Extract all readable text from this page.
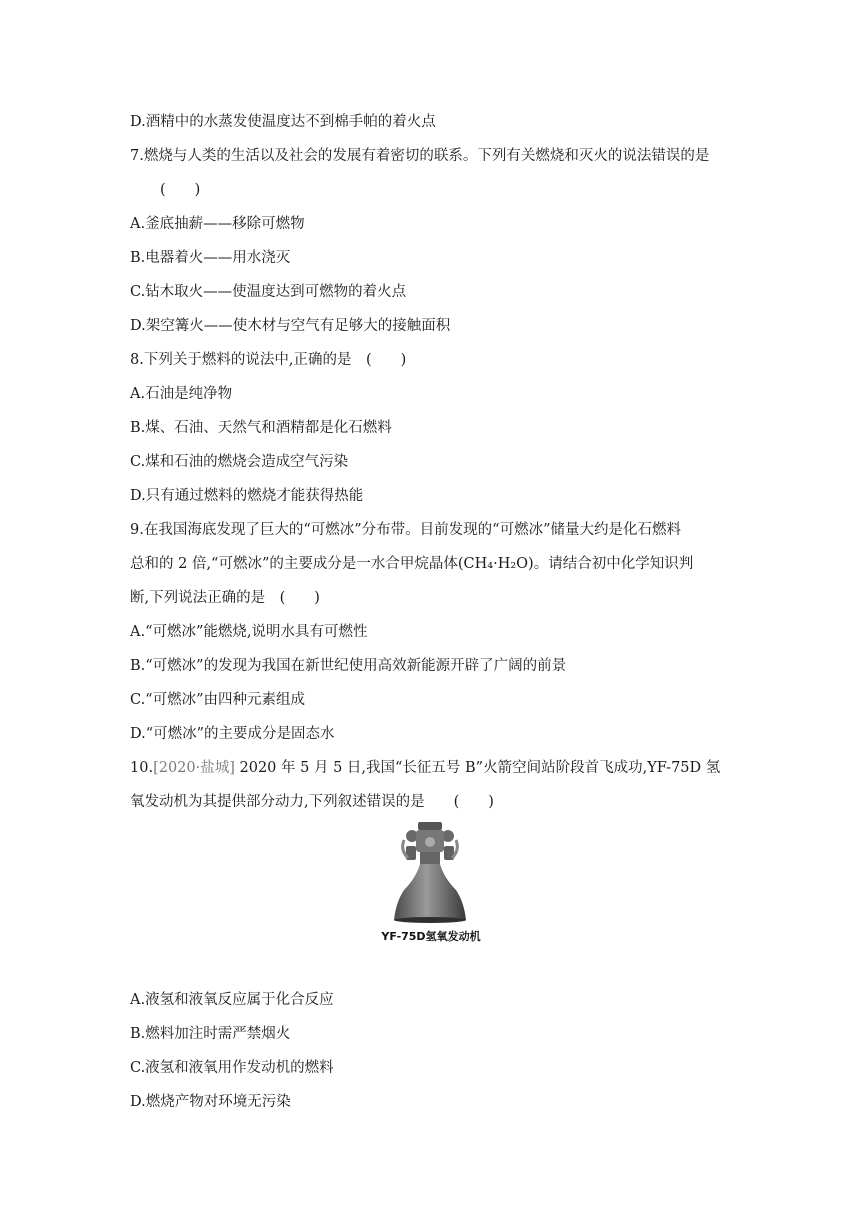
D.酒精中的水蒸发使温度达不到棉手帕的着火点
7.燃烧与人类的生活以及社会的发展有着密切的联系。下列有关燃烧和灭火的说法错误的是
(  )
A.釜底抽薪——移除可燃物
B.电器着火——用水浇灭
C.钻木取火——使温度达到可燃物的着火点
D.架空篝火——使木材与空气有足够大的接触面积
8.下列关于燃料的说法中,正确的是 (  )
A.石油是纯净物
B.煤、石油、天然气和酒精都是化石燃料
C.煤和石油的燃烧会造成空气污染
D.只有通过燃料的燃烧才能获得热能
9.在我国海底发现了巨大的“可燃冰”分布带。目前发现的“可燃冰”储量大约是化石燃料
总和的 2 倍,“可燃冰”的主要成分是一水合甲烷晶体(CH₄·H₂O)。请结合初中化学知识判
断,下列说法正确的是 (  )
A.“可燃冰”能燃烧,说明水具有可燃性
B.“可燃冰”的发现为我国在新世纪使用高效新能源开辟了广阔的前景
C.“可燃冰”由四种元素组成
D.“可燃冰”的主要成分是固态水
10.[2020·盐城] 2020 年 5 月 5 日,我国“长征五号 B”火箭空间站阶段首飞成功,YF-75D 氢
氧发动机为其提供部分动力,下列叙述错误的是  (  )
YF-75D氢氧发动机
A.液氢和液氧反应属于化合反应
B.燃料加注时需严禁烟火
C.液氢和液氧用作发动机的燃料
D.燃烧产物对环境无污染
